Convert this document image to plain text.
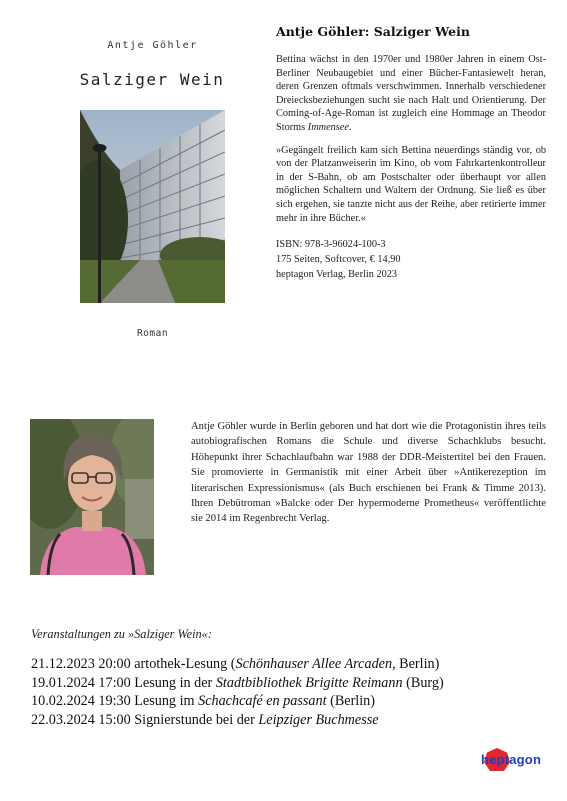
Antje Göhler
Salziger Wein
Roman
Antje Göhler: Salziger Wein

Bettina wächst in den 1970er und 1980er Jahren in einem Ost-Berliner Neubaugebiet und einer Bücher-Fantasiewelt heran, deren Grenzen oftmals verschwimmen. Innerhalb verschiedener Dreiecksbeziehungen sucht sie nach Halt und Orientierung. Der Coming-of-Age-Roman ist zugleich eine Hommage an Theodor Storms Immensee.

»Gegängelt freilich kam sich Bettina neuerdings ständig vor, ob von der Platzanweiserin im Kino, ob vom Fahrkartenkontrolleur in der S-Bahn, ob am Postschalter oder überhaupt vor allen möglichen Schaltern und Waltern der Ordnung. Sie ließ es über sich ergehen, sie tanzte nicht aus der Reihe, aber retirierte immer mehr in ihre Bücher.«

ISBN: 978-3-96024-100-3
175 Seiten, Softcover, € 14,90
heptagon Verlag, Berlin 2023

Antje Göhler wurde in Berlin geboren und hat dort wie die Protagonistin ihres teils autobiografischen Romans die Schule und diverse Schachklubs besucht. Höhepunkt ihrer Schachlaufbahn war 1988 der DDR-Meistertitel bei den Frauen. Sie promovierte in Germanistik mit einer Arbeit über »Antikerezeption im literarischen Expressionismus« (als Buch erschienen bei Frank & Timme 2013). Ihren Debütroman »Balcke oder Der hypermoderne Prometheus« veröffentlichte sie 2014 im Regenbrecht Verlag.

Veranstaltungen zu »Salziger Wein«:

21.12.2023 20:00 artothek-Lesung (Schönhauser Allee Arcaden, Berlin)
19.01.2024 17:00 Lesung in der Stadtbibliothek Brigitte Reimann (Burg)
10.02.2024 19:30 Lesung im Schachcafé en passant (Berlin)
22.03.2024 15:00 Signierstunde bei der Leipziger Buchmesse
heptagon
